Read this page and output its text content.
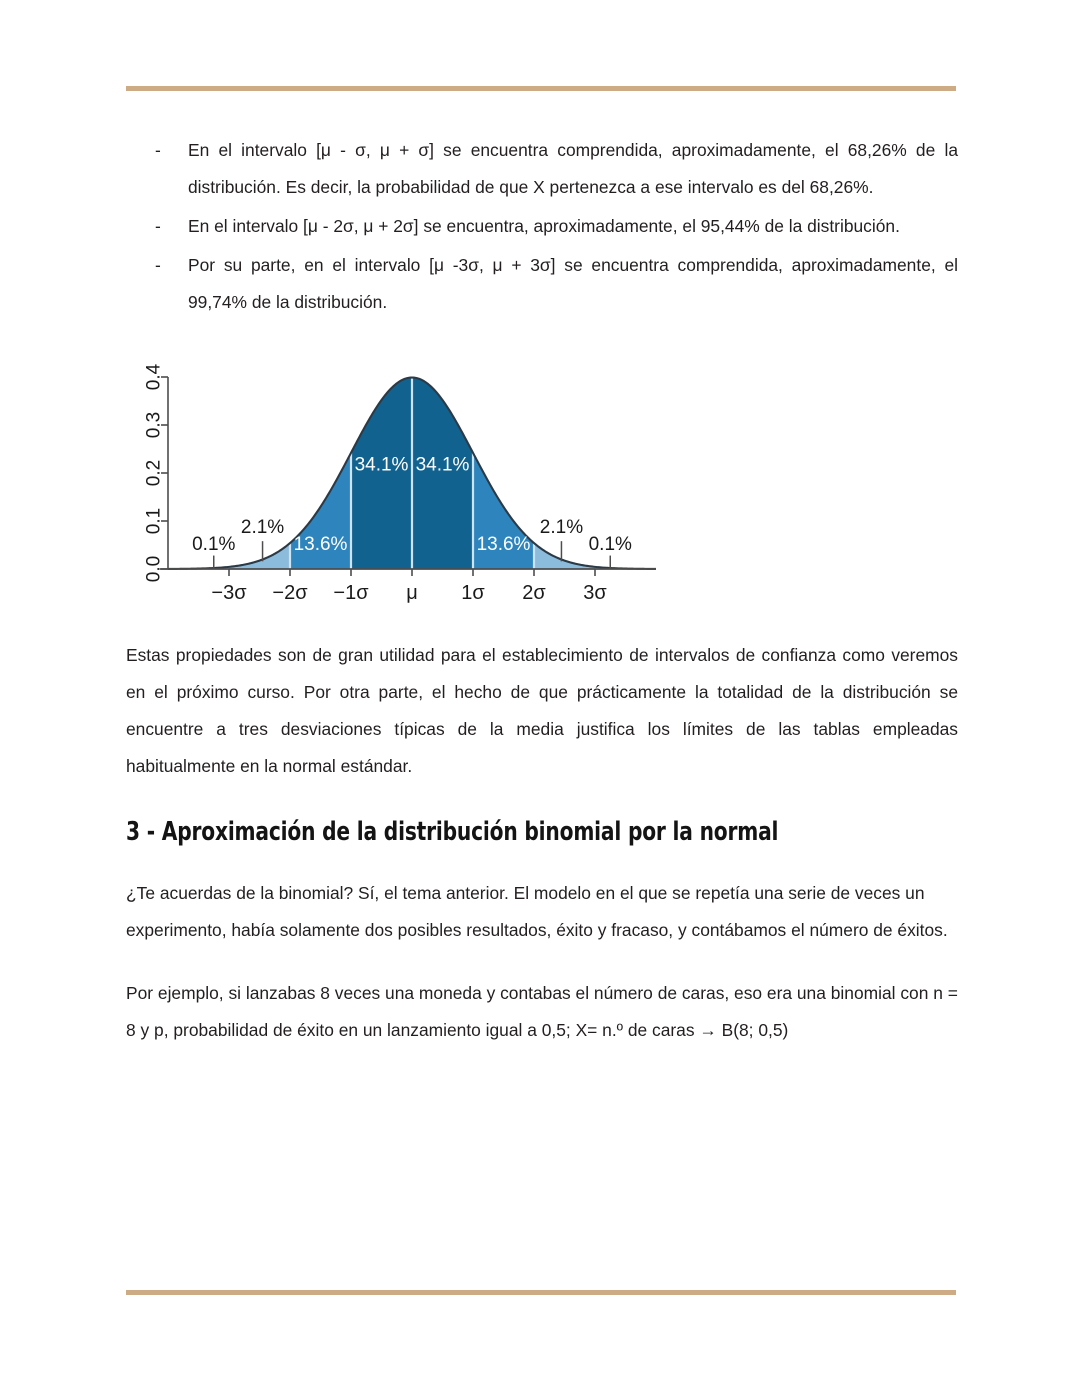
- En el intervalo [μ - σ, μ + σ] se encuentra comprendida, aproximadamente, el 68,26% de la distribución. Es decir, la probabilidad de que X pertenezca a ese intervalo es del 68,26%.
- En el intervalo [μ - 2σ, μ + 2σ] se encuentra, aproximadamente, el 95,44% de la distribución.
- Por su parte, en el intervalo [μ -3σ, μ + 3σ] se encuentra comprendida, aproximadamente, el 99,74% de la distribución.
0.0
0.1
0.2
0.3
0.4
−3σ −2σ −1σ μ 1σ 2σ 3σ
34.1% 34.1%
13.6%	13.6%
2.1%	2.1%
0.1%	0.1%

Estas propiedades son de gran utilidad para el establecimiento de intervalos de confianza como veremos en el próximo curso. Por otra parte, el hecho de que prácticamente la totalidad de la distribución se encuentre a tres desviaciones típicas de la media justifica los límites de las tablas empleadas habitualmente en la normal estándar.

3 - Aproximación de la distribución binomial por la normal

¿Te acuerdas de la binomial? Sí, el tema anterior. El modelo en el que se repetía una serie de veces un experimento, había solamente dos posibles resultados, éxito y fracaso, y contábamos el número de éxitos.

Por ejemplo, si lanzabas 8 veces una moneda y contabas el número de caras, eso era una binomial con n = 8 y p, probabilidad de éxito en un lanzamiento igual a 0,5; X= n.º de caras → B(8; 0,5)
